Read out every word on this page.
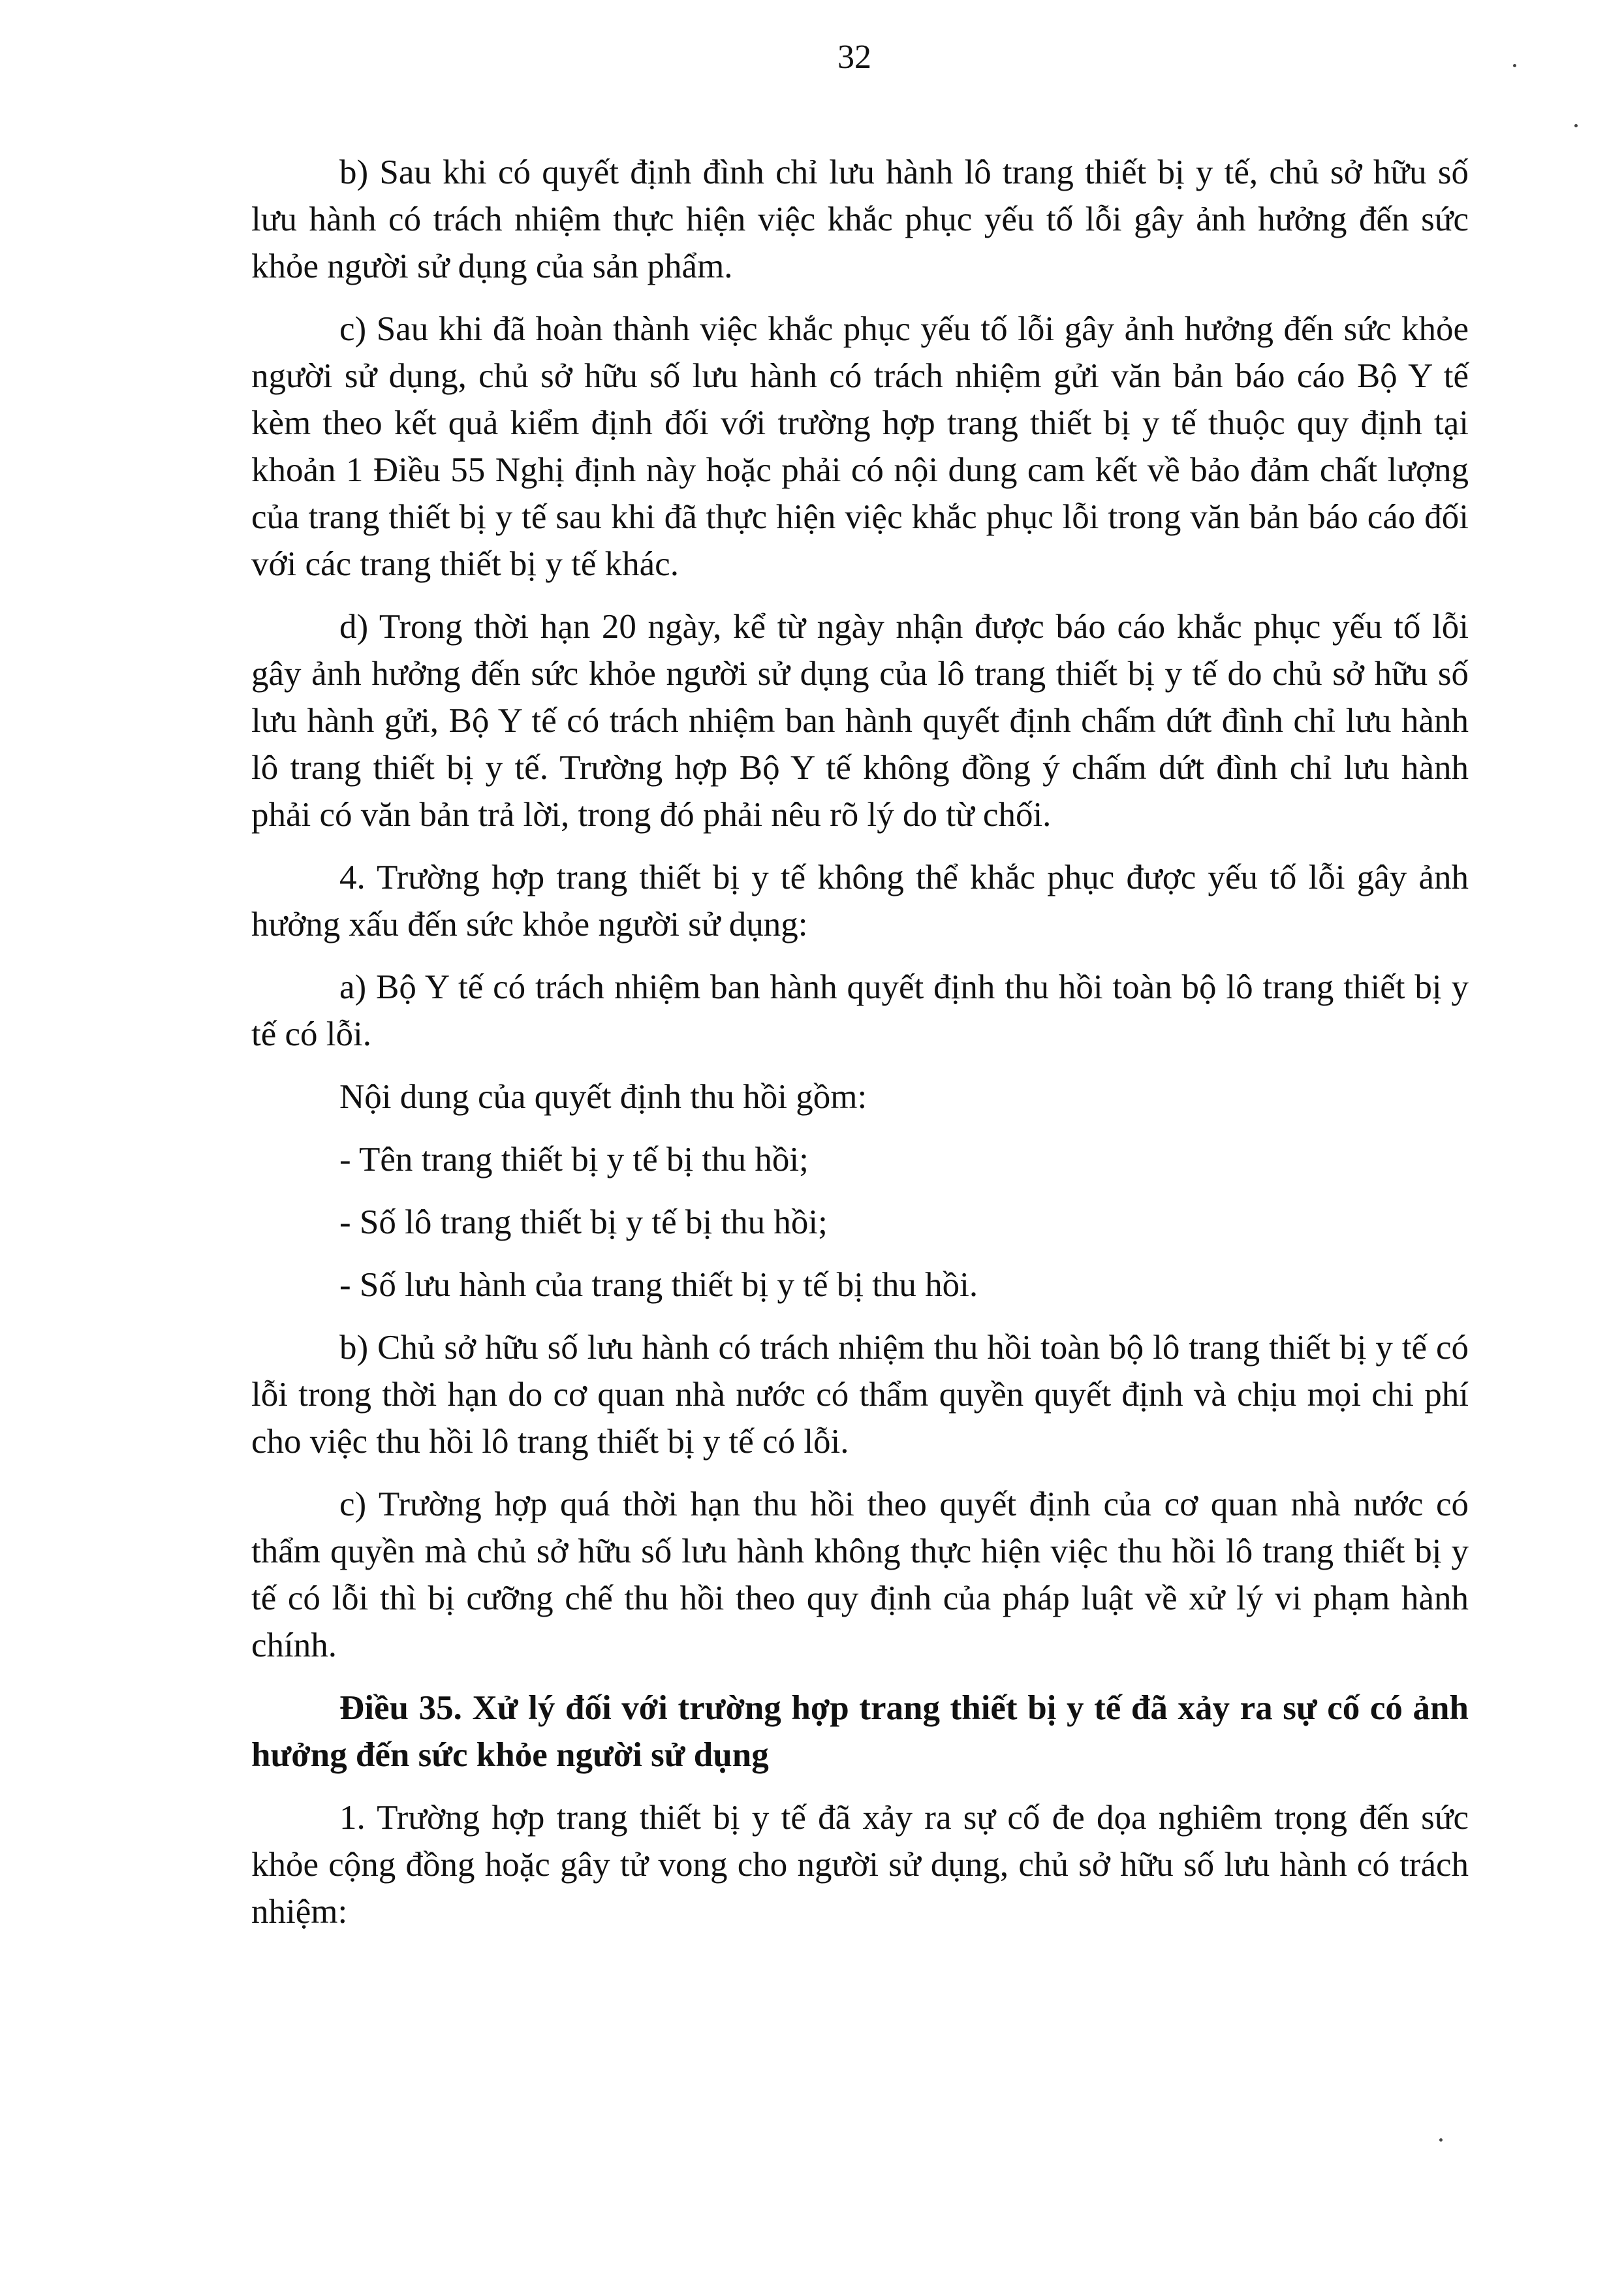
32

b) Sau khi có quyết định đình chỉ lưu hành lô trang thiết bị y tế, chủ sở hữu số lưu hành có trách nhiệm thực hiện việc khắc phục yếu tố lỗi gây ảnh hưởng đến sức khỏe người sử dụng của sản phẩm.

c) Sau khi đã hoàn thành việc khắc phục yếu tố lỗi gây ảnh hưởng đến sức khỏe người sử dụng, chủ sở hữu số lưu hành có trách nhiệm gửi văn bản báo cáo Bộ Y tế kèm theo kết quả kiểm định đối với trường hợp trang thiết bị y tế thuộc quy định tại khoản 1 Điều 55 Nghị định này hoặc phải có nội dung cam kết về bảo đảm chất lượng của trang thiết bị y tế sau khi đã thực hiện việc khắc phục lỗi trong văn bản báo cáo đối với các trang thiết bị y tế khác.

d) Trong thời hạn 20 ngày, kể từ ngày nhận được báo cáo khắc phục yếu tố lỗi gây ảnh hưởng đến sức khỏe người sử dụng của lô trang thiết bị y tế do chủ sở hữu số lưu hành gửi, Bộ Y tế có trách nhiệm ban hành quyết định chấm dứt đình chỉ lưu hành lô trang thiết bị y tế. Trường hợp Bộ Y tế không đồng ý chấm dứt đình chỉ lưu hành phải có văn bản trả lời, trong đó phải nêu rõ lý do từ chối.

4. Trường hợp trang thiết bị y tế không thể khắc phục được yếu tố lỗi gây ảnh hưởng xấu đến sức khỏe người sử dụng:

a) Bộ Y tế có trách nhiệm ban hành quyết định thu hồi toàn bộ lô trang thiết bị y tế có lỗi.

Nội dung của quyết định thu hồi gồm:

- Tên trang thiết bị y tế bị thu hồi;

- Số lô trang thiết bị y tế bị thu hồi;

- Số lưu hành của trang thiết bị y tế bị thu hồi.

b) Chủ sở hữu số lưu hành có trách nhiệm thu hồi toàn bộ lô trang thiết bị y tế có lỗi trong thời hạn do cơ quan nhà nước có thẩm quyền quyết định và chịu mọi chi phí cho việc thu hồi lô trang thiết bị y tế có lỗi.

c) Trường hợp quá thời hạn thu hồi theo quyết định của cơ quan nhà nước có thẩm quyền mà chủ sở hữu số lưu hành không thực hiện việc thu hồi lô trang thiết bị y tế có lỗi thì bị cưỡng chế thu hồi theo quy định của pháp luật về xử lý vi phạm hành chính.

Điều 35. Xử lý đối với trường hợp trang thiết bị y tế đã xảy ra sự cố có ảnh hưởng đến sức khỏe người sử dụng

1. Trường hợp trang thiết bị y tế đã xảy ra sự cố đe dọa nghiêm trọng đến sức khỏe cộng đồng hoặc gây tử vong cho người sử dụng, chủ sở hữu số lưu hành có trách nhiệm:
